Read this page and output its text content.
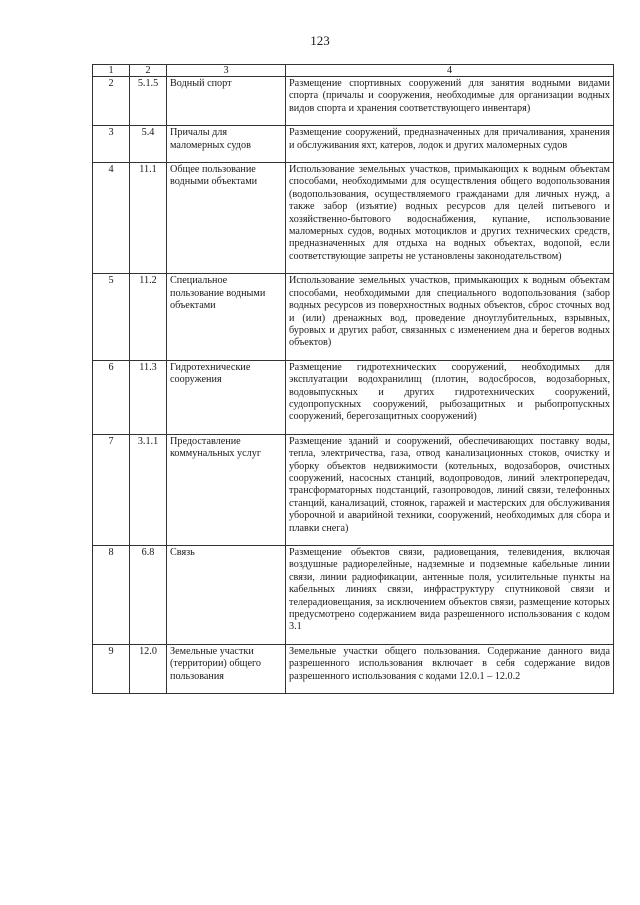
123
1	2	3	4
2	5.1.5	Водный спорт	Размещение спортивных сооружений для занятия водными видами спорта (причалы и сооружения, необходимые для организации водных видов спорта и хранения соответствующего инвентаря)
3	5.4	Причалы для маломерных судов	Размещение сооружений, предназначенных для причаливания, хранения и обслуживания яхт, катеров, лодок и других маломерных судов
4	11.1	Общее пользование водными объектами	Использование земельных участков, примыкающих к водным объектам способами, необходимыми для осуществления общего водопользования (водопользования, осуществляемого гражданами для личных нужд, а также забор (изъятие) водных ресурсов для целей питьевого и хозяйственно-бытового водоснабжения, купание, использование маломерных судов, водных мотоциклов и других технических средств, предназначенных для отдыха на водных объектах, водопой, если соответствующие запреты не установлены законодательством)
5	11.2	Специальное пользование водными объектами	Использование земельных участков, примыкающих к водным объектам способами, необходимыми для специального водопользования (забор водных ресурсов из поверхностных водных объектов, сброс сточных вод и (или) дренажных вод, проведение дноуглубительных, взрывных, буровых и других работ, связанных с изменением дна и берегов водных объектов)
6	11.3	Гидротехнические сооружения	Размещение гидротехнических сооружений, необходимых для эксплуатации водохранилищ (плотин, водосбросов, водозаборных, водовыпускных и других гидротехнических сооружений, судопропускных сооружений, рыбозащитных и рыбопропускных сооружений, берегозащитных сооружений)
7	3.1.1	Предоставление коммунальных услуг	Размещение зданий и сооружений, обеспечивающих поставку воды, тепла, электричества, газа, отвод канализационных стоков, очистку и уборку объектов недвижимости (котельных, водозаборов, очистных сооружений, насосных станций, водопроводов, линий электропередач, трансформаторных подстанций, газопроводов, линий связи, телефонных станций, канализаций, стоянок, гаражей и мастерских для обслуживания уборочной и аварийной техники, сооружений, необходимых для сбора и плавки снега)
8	6.8	Связь	Размещение объектов связи, радиовещания, телевидения, включая воздушные радиорелейные, надземные и подземные кабельные линии связи, линии радиофикации, антенные поля, усилительные пункты на кабельных линиях связи, инфраструктуру спутниковой связи и телерадиовещания, за исключением объектов связи, размещение которых предусмотрено содержанием вида разрешенного использования с кодом 3.1
9	12.0	Земельные участки (территории) общего пользования	Земельные участки общего пользования. Содержание данного вида разрешенного использования включает в себя содержание видов разрешенного использования с кодами 12.0.1 – 12.0.2
